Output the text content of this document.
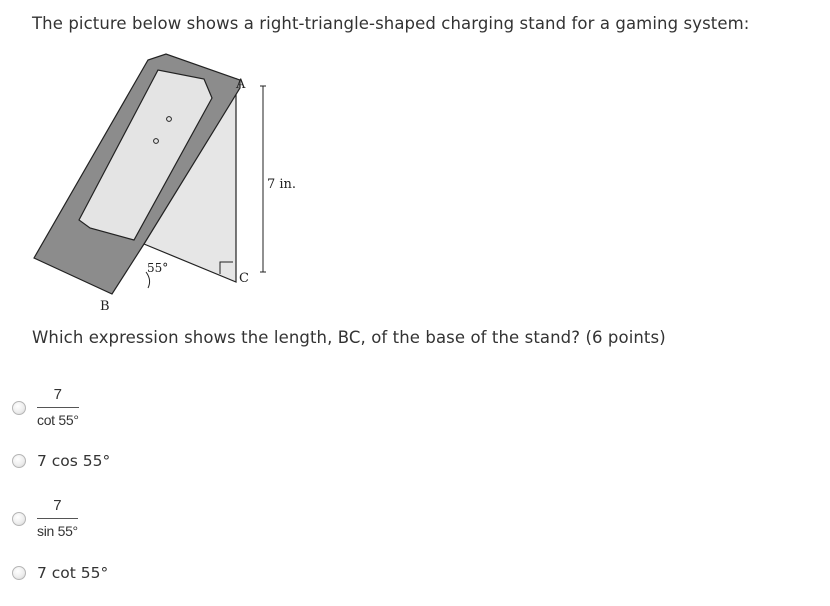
The picture below shows a right-triangle-shaped charging stand for a gaming system:
A
B
C
55°
7 in.
Which expression shows the length, BC, of the base of the stand? (6 points)
$\frac{7}{\cot 55^\circ}$
7 cos 55°
$\frac{7}{\sin 55^\circ}$
7 cot 55°
